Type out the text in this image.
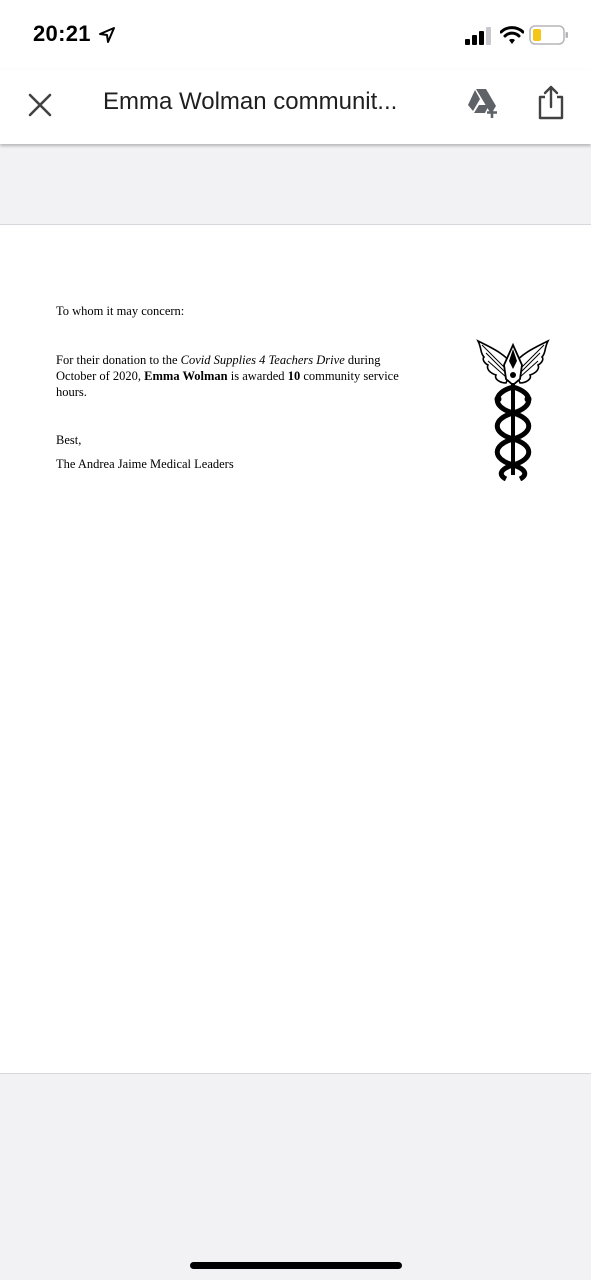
20:21
Emma Wolman communit...
To whom it may concern:
For their donation to the Covid Supplies 4 Teachers Drive during October of 2020, Emma Wolman is awarded 10 community service hours.
Best,
The Andrea Jaime Medical Leaders
